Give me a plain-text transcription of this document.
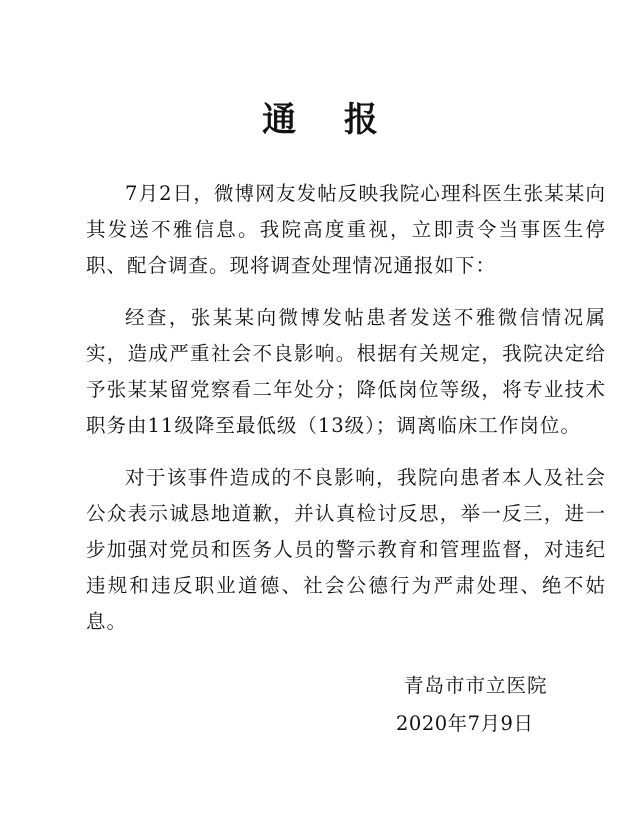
通 报

7月2日，微博网友发帖反映我院心理科医生张某某向其发送不雅信息。我院高度重视，立即责令当事医生停职、配合调查。现将调查处理情况通报如下：

经查，张某某向微博发帖患者发送不雅微信情况属实，造成严重社会不良影响。根据有关规定，我院决定给予张某某留党察看二年处分；降低岗位等级，将专业技术职务由11级降至最低级（13级）；调离临床工作岗位。

对于该事件造成的不良影响，我院向患者本人及社会公众表示诚恳地道歉，并认真检讨反思，举一反三，进一步加强对党员和医务人员的警示教育和管理监督，对违纪违规和违反职业道德、社会公德行为严肃处理、绝不姑息。

青岛市市立医院
2020年7月9日
